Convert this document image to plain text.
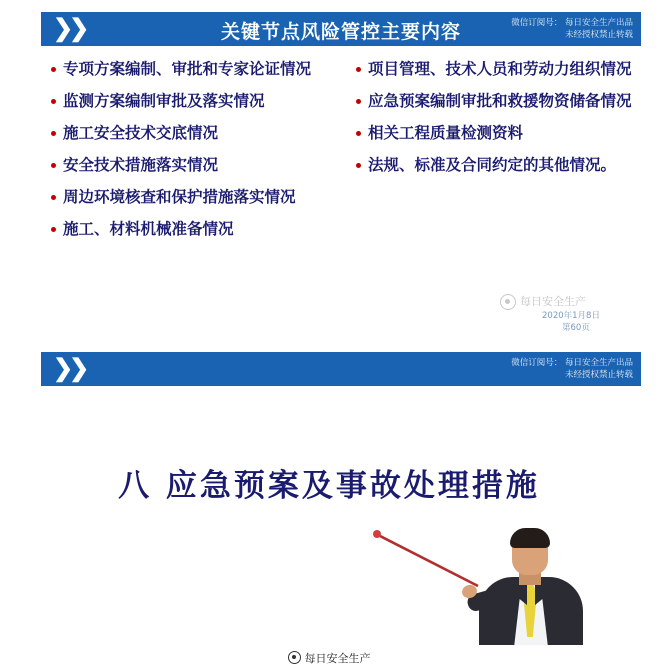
❯❯	关键节点风险管控主要内容	微信订阅号： 每日安全生产出品
未经授权禁止转载
专项方案编制、审批和专家论证情况
监测方案编制审批及落实情况
施工安全技术交底情况
安全技术措施落实情况
周边环境核查和保护措施落实情况
施工、材料机械准备情况
项目管理、技术人员和劳动力组织情况
应急预案编制审批和救援物资储备情况
相关工程质量检测资料
法规、标准及合同约定的其他情况。
每日安全生产
2020年1月8日
第60页
❯❯	微信订阅号： 每日安全生产出品
未经授权禁止转载
八 应急预案及事故处理措施
每日安全生产
